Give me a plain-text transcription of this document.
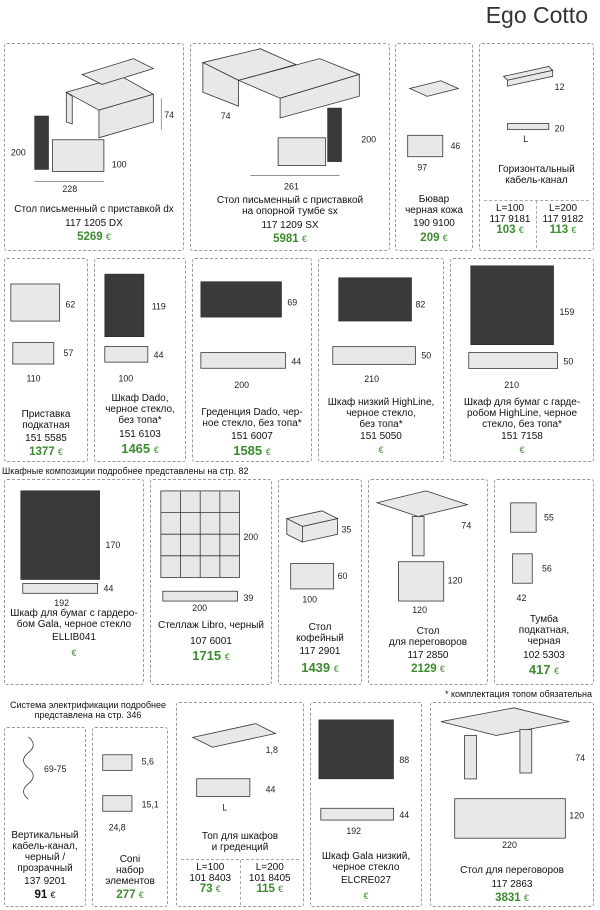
Ego Cotto
74
200
100
228
Стол письменный с приставкой dx
117 1205 DX
5269 €
74
200
261
Стол письменный с приставкой
на опорной тумбе sx
117 1209 SX
5981 €
46
97
Бювар
черная кожа
190 9100
209 €
12
20
L
Горизонтальный
кабель-канал
L=100
117 9181
103 €
L=200
117 9182
113 €
62
57
110
Приставка
подкатная
151 5585
1377 €
119
44
100
Шкаф Dado,
черное стекло,
без топа*
151 6103
1465 €
69
44
200
Греденция Dado, чер-
ное стекло, без топа*
151 6007
1585 €
82
50
210
Шкаф низкий HighLine,
черное стекло,
без топа*
151 5050
€
159
50
210
Шкаф для бумаг с гарде-
робом HighLine, черное
стекло, без топа*
151 7158
€
Шкафные композиции подробнее представлены на стр. 82
170
44
192
Шкаф для бумаг с гардеро-
бом Gala, черное стекло
ELLIB041
€
200
39
200
Стеллаж Libro, черный
107 6001
1715 €
35
60
100
Стол
кофейный
117 2901
1439 €
74
120
120
Стол
для переговоров
117 2850
2129 €
55
56
42
Тумба
подкатная,
черная
102 5303
417 €
Система электрификации подробнее
представлена на стр. 346
* комплектация топом обязательна
69-75
Вертикальный
кабель-канал,
черный /
прозрачный
137 9201
91 €
5,6
15,1
24,8
Coni
набор
элементов
277 €
1,8
44
L
Топ для шкафов
и греденций
L=100
101 8403
73 €
L=200
101 8405
115 €
88
44
192
Шкаф Gala низкий,
черное стекло
ELCRE027
€
74
120
220
Стол для переговоров
117 2863
3831 €
